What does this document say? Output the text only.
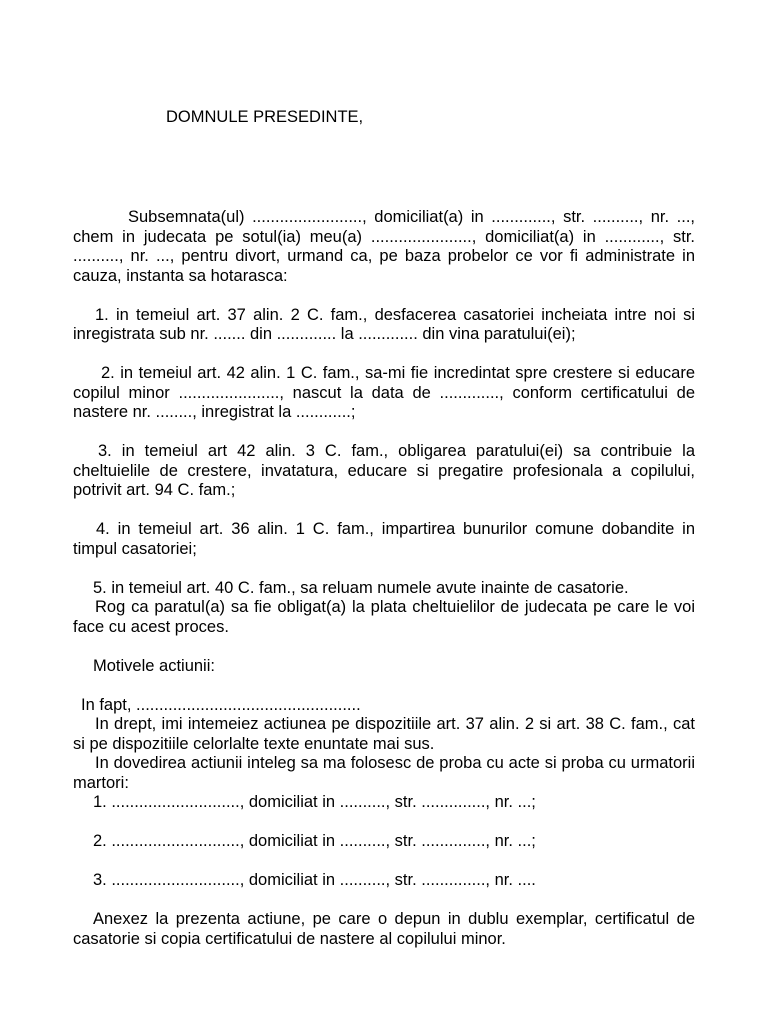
DOMNULE PRESEDINTE,

Subsemnata(ul) ........................, domiciliat(a) in ............., str. .........., nr. ..., chem in judecata pe sotul(ia) meu(a) ......................, domiciliat(a) in ............, str. .........., nr. ..., pentru divort, urmand ca, pe baza probelor ce vor fi administrate in cauza, instanta sa hotarasca:

1. in temeiul art. 37 alin. 2 C. fam., desfacerea casatoriei incheiata intre noi si inregistrata sub nr. ....... din ............. la ............. din vina paratului(ei);

2. in temeiul art. 42 alin. 1 C. fam., sa-mi fie incredintat spre crestere si educare copilul minor ......................, nascut la data de ............., conform certificatului de nastere nr. ........, inregistrat la ............;

3. in temeiul art 42 alin. 3 C. fam., obligarea paratului(ei) sa contribuie la cheltuielile de crestere, invatatura, educare si pregatire profesionala a copilului, potrivit art. 94 C. fam.;

4. in temeiul art. 36 alin. 1 C. fam., impartirea bunurilor comune dobandite in timpul casatoriei;

5. in temeiul art. 40 C. fam., sa reluam numele avute inainte de casatorie.

Rog ca paratul(a) sa fie obligat(a) la plata cheltuielilor de judecata pe care le voi face cu acest proces.

Motivele actiunii:

In fapt, .................................................

In drept, imi intemeiez actiunea pe dispozitiile art. 37 alin. 2 si art. 38 C. fam., cat si pe dispozitiile celorlalte texte enuntate mai sus.

In dovedirea actiunii inteleg sa ma folosesc de proba cu acte si proba cu urmatorii martori:

1. ............................, domiciliat in .........., str. .............., nr. ...;

2. ............................, domiciliat in .........., str. .............., nr. ...;

3. ............................, domiciliat in .........., str. .............., nr. ....

Anexez la prezenta actiune, pe care o depun in dublu exemplar, certificatul de casatorie si copia certificatului de nastere al copilului minor.
